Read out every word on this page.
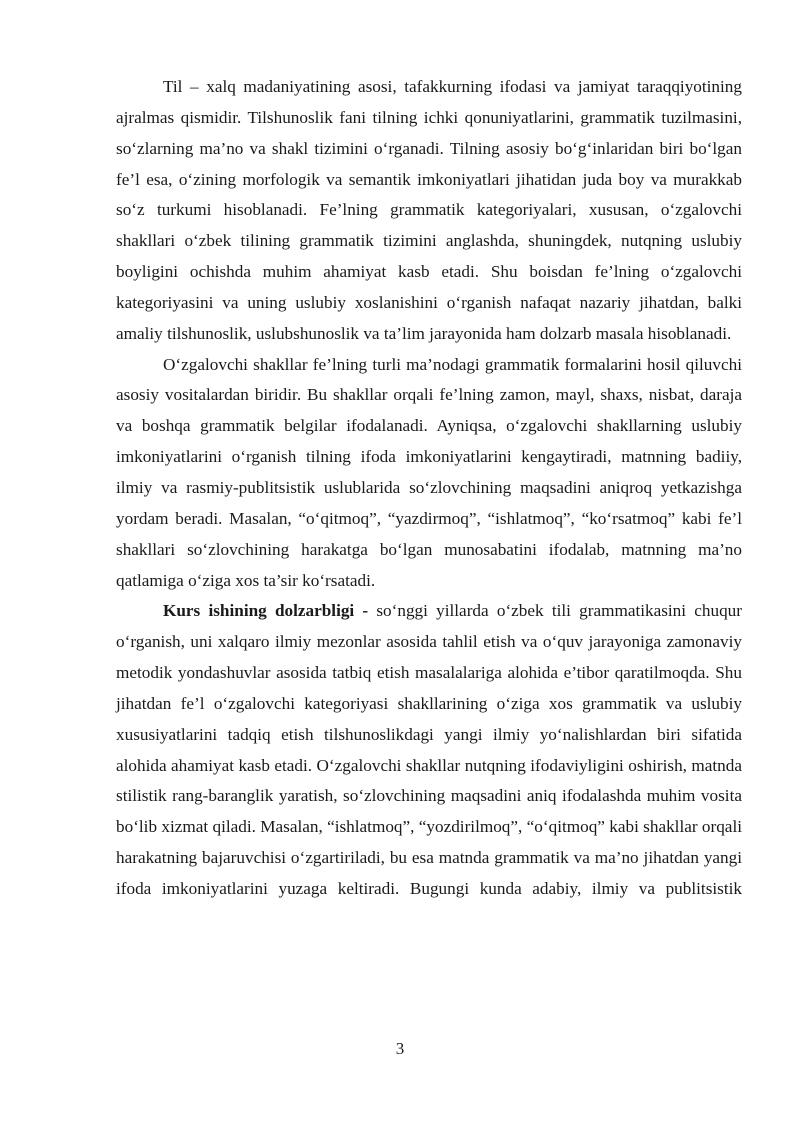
Til – xalq madaniyatining asosi, tafakkurning ifodasi va jamiyat taraqqiyotining ajralmas qismidir. Tilshunoslik fani tilning ichki qonuniyatlarini, grammatik tuzilmasini, so‘zlarning ma’no va shakl tizimini o‘rganadi. Tilning asosiy bo‘g‘inlaridan biri bo‘lgan fe’l esa, o‘zining morfologik va semantik imkoniyatlari jihatidan juda boy va murakkab so‘z turkumi hisoblanadi. Fe’lning grammatik kategoriyalari, xususan, o‘zgalovchi shakllari o‘zbek tilining grammatik tizimini anglashda, shuningdek, nutqning uslubiy boyligini ochishda muhim ahamiyat kasb etadi. Shu boisdan fe’lning o‘zgalovchi kategoriyasini va uning uslubiy xoslanishini o‘rganish nafaqat nazariy jihatdan, balki amaliy tilshunoslik, uslubshunoslik va ta’lim jarayonida ham dolzarb masala hisoblanadi.

O‘zgalovchi shakllar fe’lning turli ma’nodagi grammatik formalarini hosil qiluvchi asosiy vositalardan biridir. Bu shakllar orqali fe’lning zamon, mayl, shaxs, nisbat, daraja va boshqa grammatik belgilar ifodalanadi. Ayniqsa, o‘zgalovchi shakllarning uslubiy imkoniyatlarini o‘rganish tilning ifoda imkoniyatlarini kengaytiradi, matnning badiiy, ilmiy va rasmiy-publitsistik uslublarida so‘zlovchining maqsadini aniqroq yetkazishga yordam beradi. Masalan, “o‘qitmoq”, “yazdirmoq”, “ishlatmoq”, “ko‘rsatmoq” kabi fe’l shakllari so‘zlovchining harakatga bo‘lgan munosabatini ifodalab, matnning ma’no qatlamiga o‘ziga xos ta’sir ko‘rsatadi.

Kurs ishining dolzarbligi - so‘nggi yillarda o‘zbek tili grammatikasini chuqur o‘rganish, uni xalqaro ilmiy mezonlar asosida tahlil etish va o‘quv jarayoniga zamonaviy metodik yondashuvlar asosida tatbiq etish masalalariga alohida e’tibor qaratilmoqda. Shu jihatdan fe’l o‘zgalovchi kategoriyasi shakllarining o‘ziga xos grammatik va uslubiy xususiyatlarini tadqiq etish tilshunoslikdagi yangi ilmiy yo‘nalishlardan biri sifatida alohida ahamiyat kasb etadi. O‘zgalovchi shakllar nutqning ifodaviyligini oshirish, matnda stilistik rang-baranglik yaratish, so‘zlovchining maqsadini aniq ifodalashda muhim vosita bo‘lib xizmat qiladi. Masalan, “ishlatmoq”, “yozdirilmoq”, “o‘qitmoq” kabi shakllar orqali harakatning bajaruvchisi o‘zgartiriladi, bu esa matnda grammatik va ma’no jihatdan yangi ifoda imkoniyatlarini yuzaga keltiradi. Bugungi kunda adabiy, ilmiy va publitsistik

3
